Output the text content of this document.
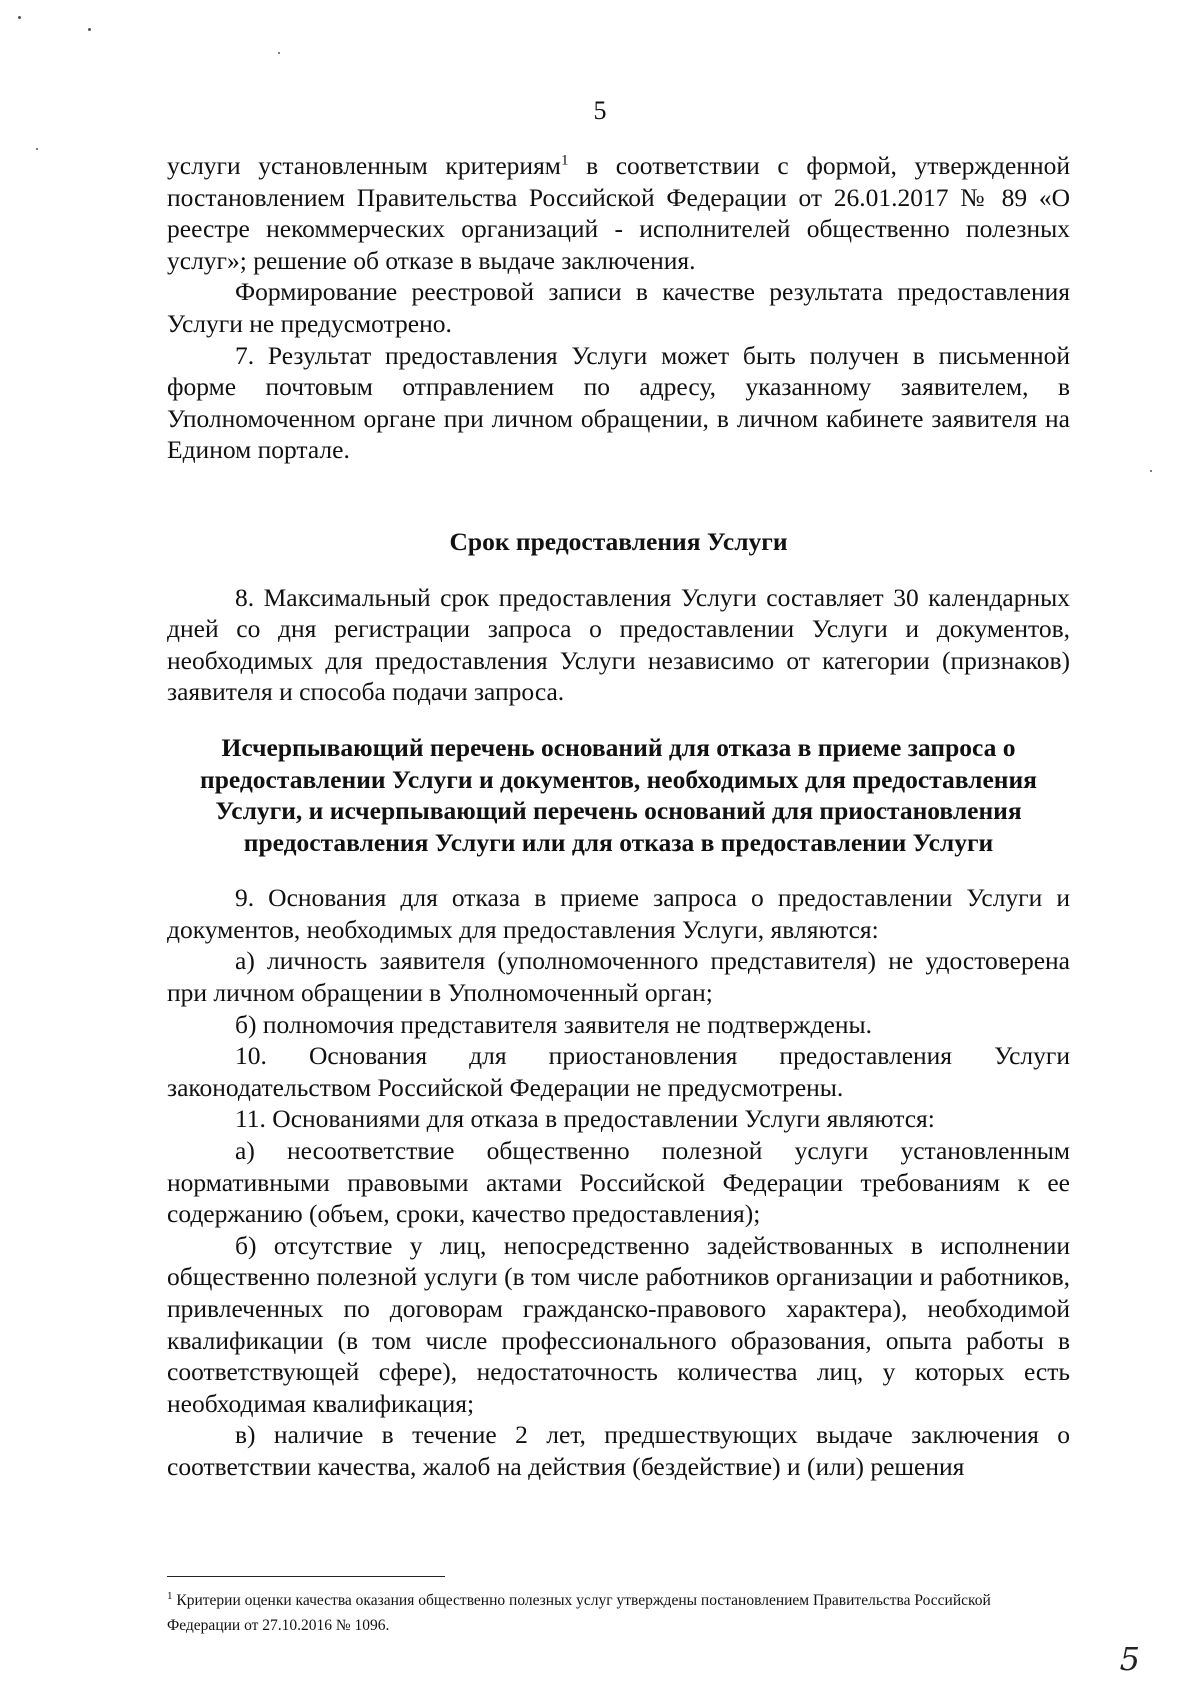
5

услуги установленным критериям$^1$ в соответствии с формой, утвержденной постановлением Правительства Российской Федерации от 26.01.2017 № 89 «О реестре некоммерческих организаций - исполнителей общественно полезных услуг»; решение об отказе в выдаче заключения.

Формирование реестровой записи в качестве результата предоставления Услуги не предусмотрено.

7. Результат предоставления Услуги может быть получен в письменной форме почтовым отправлением по адресу, указанному заявителем, в Уполномоченном органе при личном обращении, в личном кабинете заявителя на Едином портале.

Срок предоставления Услуги

8. Максимальный срок предоставления Услуги составляет 30 календарных дней со дня регистрации запроса о предоставлении Услуги и документов, необходимых для предоставления Услуги независимо от категории (признаков) заявителя и способа подачи запроса.

Исчерпывающий перечень оснований для отказа в приеме запроса о предоставлении Услуги и документов, необходимых для предоставления Услуги, и исчерпывающий перечень оснований для приостановления предоставления Услуги или для отказа в предоставлении Услуги

9. Основания для отказа в приеме запроса о предоставлении Услуги и документов, необходимых для предоставления Услуги, являются:

а) личность заявителя (уполномоченного представителя) не удостоверена при личном обращении в Уполномоченный орган;

б) полномочия представителя заявителя не подтверждены.

10. Основания для приостановления предоставления Услуги законодательством Российской Федерации не предусмотрены.

11. Основаниями для отказа в предоставлении Услуги являются:

а) несоответствие общественно полезной услуги установленным нормативными правовыми актами Российской Федерации требованиям к ее содержанию (объем, сроки, качество предоставления);

б) отсутствие у лиц, непосредственно задействованных в исполнении общественно полезной услуги (в том числе работников организации и работников, привлеченных по договорам гражданско-правового характера), необходимой квалификации (в том числе профессионального образования, опыта работы в соответствующей сфере), недостаточность количества лиц, у которых есть необходимая квалификация;

в) наличие в течение 2 лет, предшествующих выдаче заключения о соответствии качества, жалоб на действия (бездействие) и (или) решения

$^1$ Критерии оценки качества оказания общественно полезных услуг утверждены постановлением Правительства Российской Федерации от 27.10.2016 № 1096.
5
